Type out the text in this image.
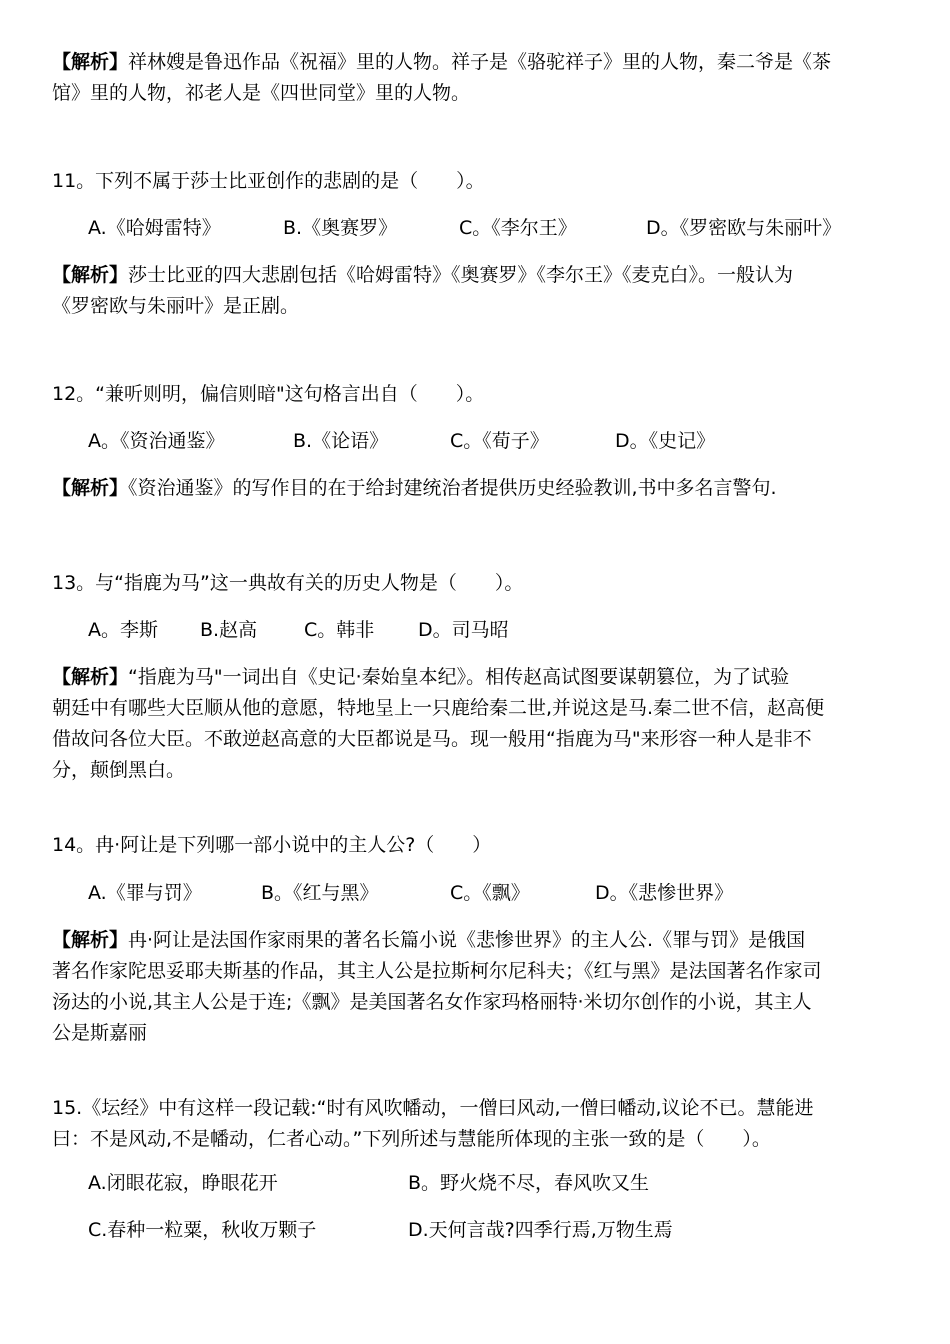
【解析】祥林嫂是鲁迅作品《祝福》里的人物。祥子是《骆驼祥子》里的人物，秦二爷是《茶
馆》里的人物，祁老人是《四世同堂》里的人物。
11。下列不属于莎士比亚创作的悲剧的是（　　）。
A.《哈姆雷特》	B.《奥赛罗》	C。《李尔王》	D。《罗密欧与朱丽叶》
【解析】莎士比亚的四大悲剧包括《哈姆雷特》《奥赛罗》《李尔王》《麦克白》。一般认为
《罗密欧与朱丽叶》是正剧。
12。“兼听则明，偏信则暗"这句格言出自（　　）。
A。《资治通鉴》	B.《论语》	C。《荀子》	D。《史记》
【解析】《资治通鉴》的写作目的在于给封建统治者提供历史经验教训,书中多名言警句.
13。与“指鹿为马”这一典故有关的历史人物是（　　）。
A。李斯 B.赵高 C。韩非 D。司马昭
【解析】“指鹿为马"一词出自《史记·秦始皇本纪》。相传赵高试图要谋朝篡位，为了试验
朝廷中有哪些大臣顺从他的意愿，特地呈上一只鹿给秦二世,并说这是马.秦二世不信，赵高便
借故问各位大臣。不敢逆赵高意的大臣都说是马。现一般用“指鹿为马"来形容一种人是非不
分，颠倒黑白。
14。冉·阿让是下列哪一部小说中的主人公?（　　）
A.《罪与罚》	B。《红与黑》	C。《飘》	D。《悲惨世界》
【解析】冉·阿让是法国作家雨果的著名长篇小说《悲惨世界》的主人公.《罪与罚》是俄国
著名作家陀思妥耶夫斯基的作品，其主人公是拉斯柯尔尼科夫；《红与黑》是法国著名作家司
汤达的小说,其主人公是于连;《飘》是美国著名女作家玛格丽特·米切尔创作的小说，其主人
公是斯嘉丽
15.《坛经》中有这样一段记载:“时有风吹幡动，一僧曰风动,一僧曰幡动,议论不已。慧能进
曰：不是风动,不是幡动，仁者心动。”下列所述与慧能所体现的主张一致的是（　　）。
A.闭眼花寂，睁眼花开	B。野火烧不尽，春风吹又生
C.春种一粒粟，秋收万颗子	D.天何言哉?四季行焉,万物生焉
